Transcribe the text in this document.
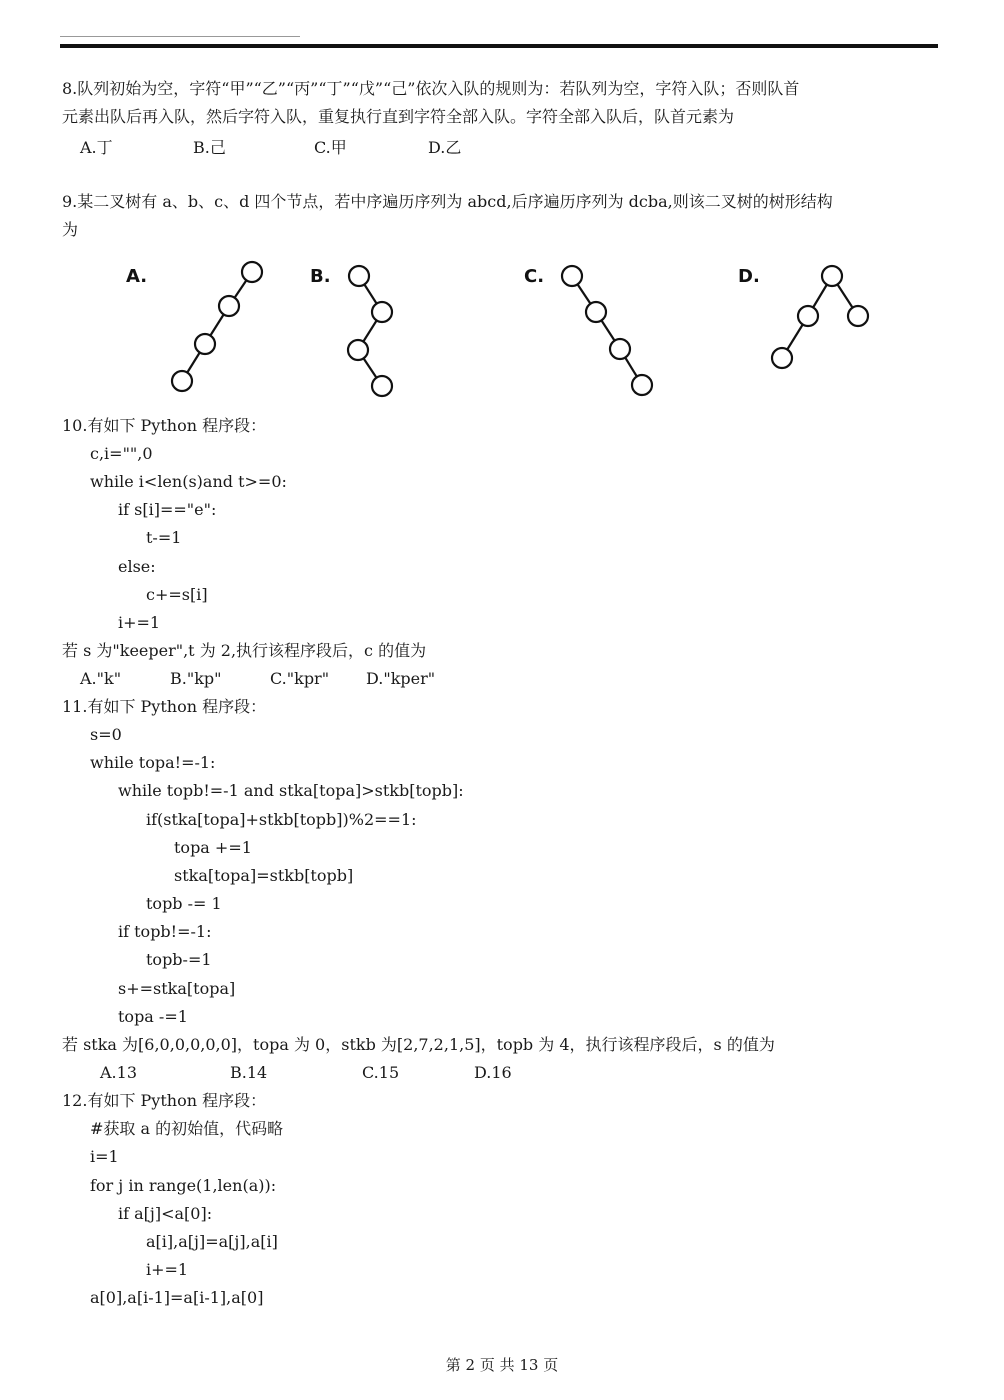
8.队列初始为空，字符“甲”“乙”“丙”“丁”“戊”“己”依次入队的规则为：若队列为空，字符入队；否则队首
元素出队后再入队，然后字符入队，重复执行直到字符全部入队。字符全部入队后，队首元素为
A.丁	B.己	C.甲	D.乙
9.某二叉树有 a、b、c、d 四个节点，若中序遍历序列为 abcd,后序遍历序列为 dcba,则该二叉树的树形结构
为
A.	B.	C.	D.
10.有如下 Python 程序段：
c,i="",0
while i<len(s)and t>=0:
if s[i]=="e":
t-=1
else:
c+=s[i]
i+=1
若 s 为"keeper",t 为 2,执行该程序段后，c 的值为
A."k"	B."kp"	C."kpr" D."kper"
11.有如下 Python 程序段：
s=0
while topa!=-1:
while topb!=-1 and stka[topa]>stkb[topb]:
if(stka[topa]+stkb[topb])%2==1:
topa +=1
stka[topa]=stkb[topb]
topb -= 1
if topb!=-1:
topb-=1
s+=stka[topa]
topa -=1
若 stka 为[6,0,0,0,0,0]，topa 为 0，stkb 为[2,7,2,1,5]，topb 为 4，执行该程序段后，s 的值为
A.13	B.14	C.15	D.16
12.有如下 Python 程序段：
#获取 a 的初始值，代码略
i=1
for j in range(1,len(a)):
if a[j]<a[0]:
a[i],a[j]=a[j],a[i]
i+=1
a[0],a[i-1]=a[i-1],a[0]
第 2 页 共 13 页
